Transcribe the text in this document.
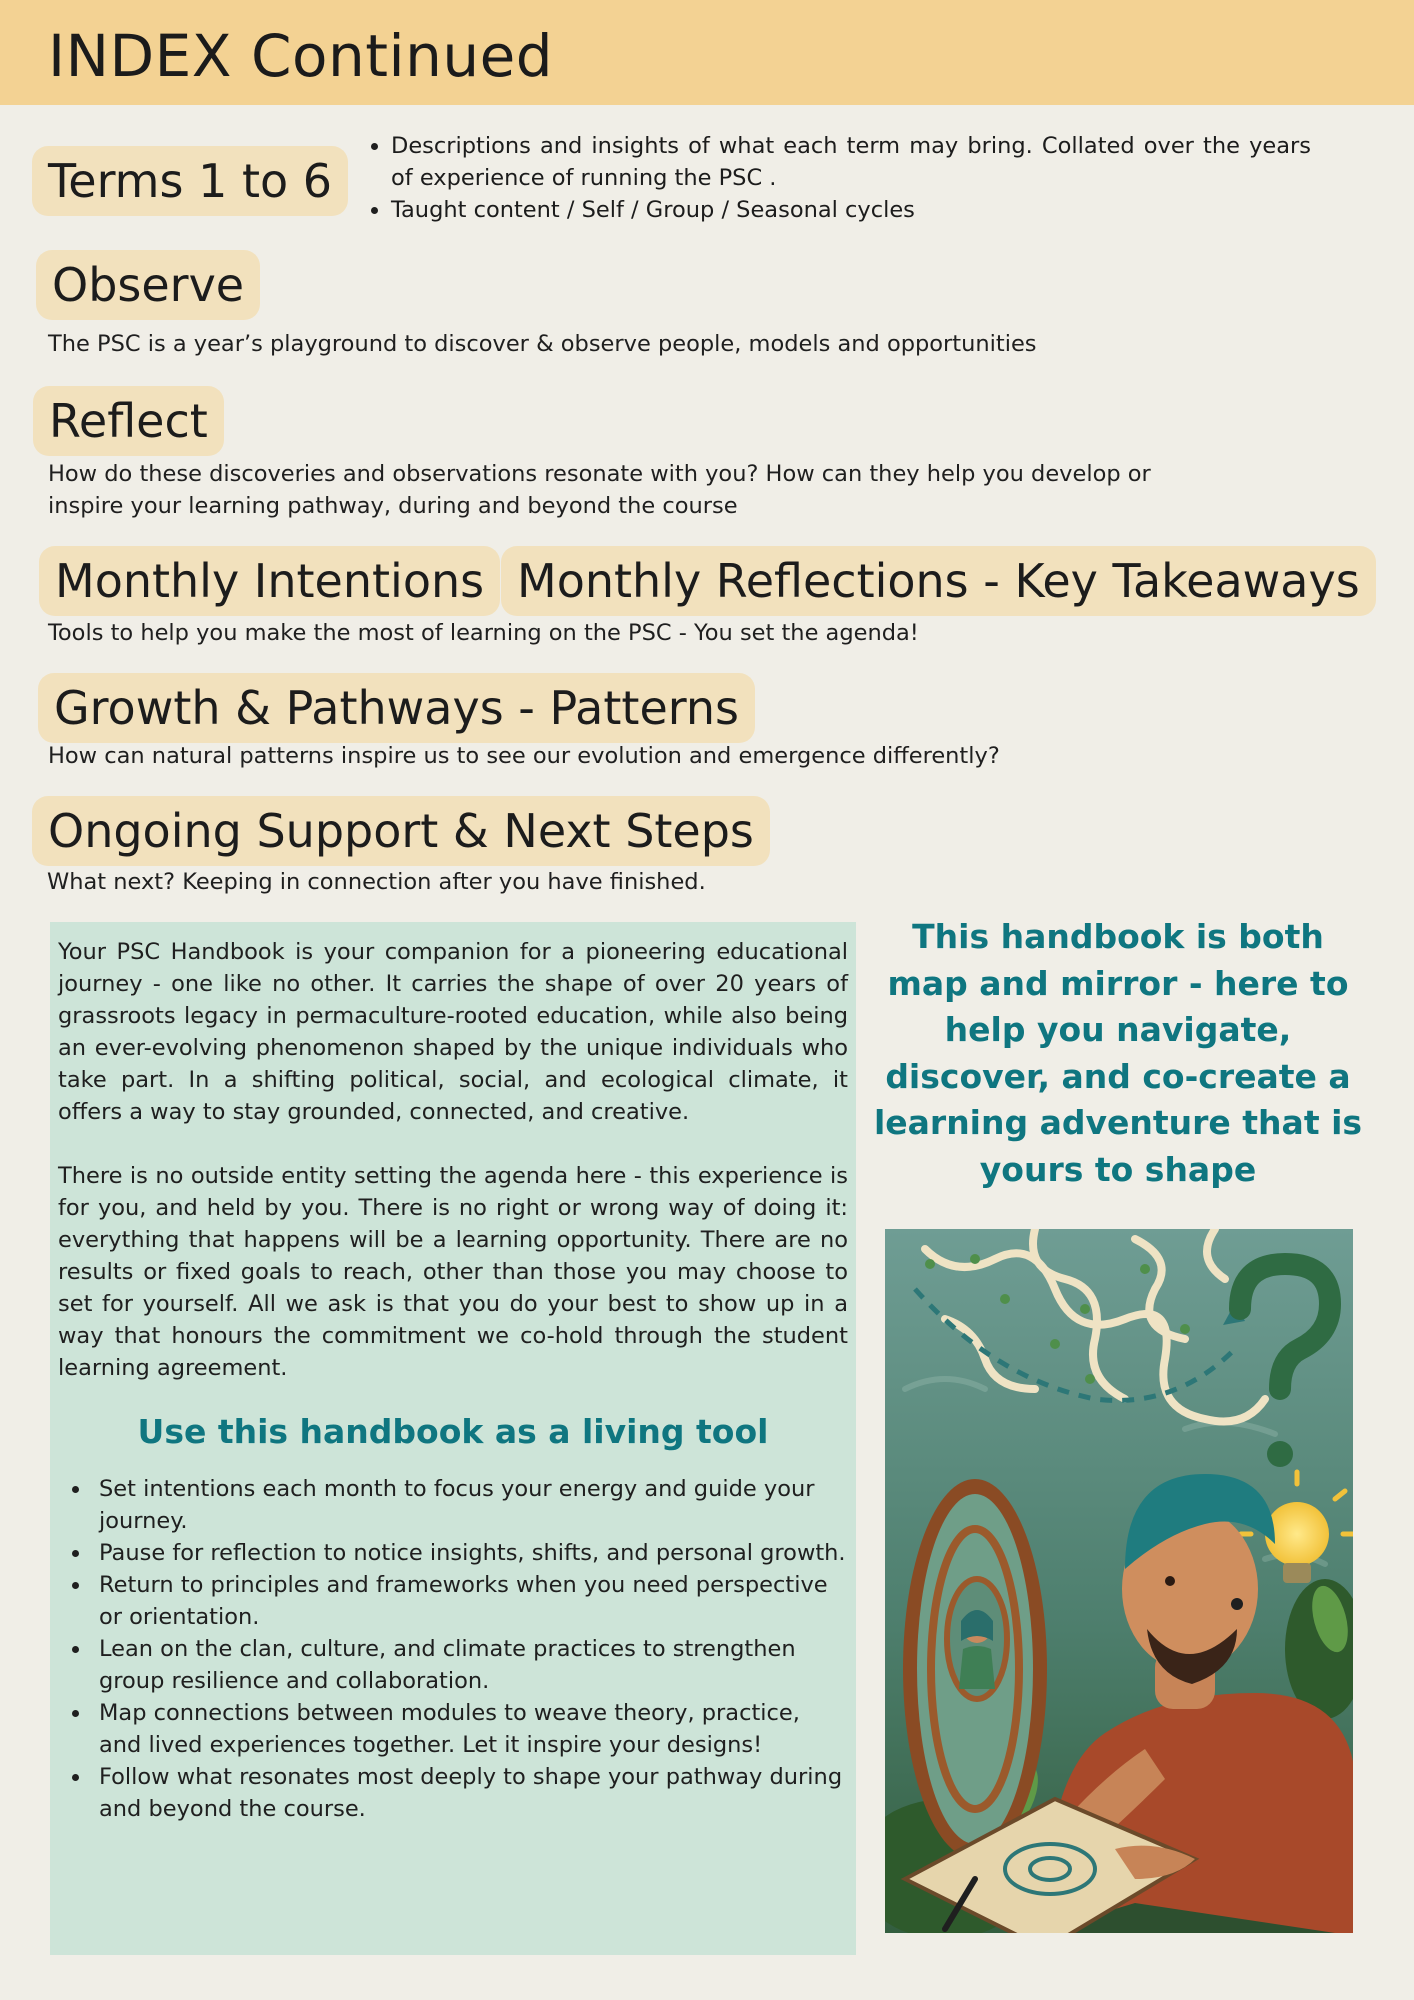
INDEX Continued
Terms 1 to 6
Descriptions and insights of what each term may bring. Collated over the years of experience of running the PSC .
Taught content / Self / Group / Seasonal cycles
Observe
The PSC is a year’s playground to discover & observe people, models and opportunities
Reflect
How do these discoveries and observations resonate with you? How can they help you develop or
inspire your learning pathway, during and beyond the course
Monthly Intentions Monthly Reflections - Key Takeaways
Tools to help you make the most of learning on the PSC - You set the agenda!
Growth & Pathways - Patterns
How can natural patterns inspire us to see our evolution and emergence differently?
Ongoing Support & Next Steps
What next? Keeping in connection after you have finished.

Your PSC Handbook is your companion for a pioneering educational journey - one like no other. It carries the shape of over 20 years of grassroots legacy in permaculture-rooted education, while also being an ever-evolving phenomenon shaped by the unique individuals who take part. In a shifting political, social, and ecological climate, it offers a way to stay grounded, connected, and creative.

There is no outside entity setting the agenda here - this experience is for you, and held by you. There is no right or wrong way of doing it: everything that happens will be a learning opportunity. There are no results or fixed goals to reach, other than those you may choose to set for yourself. All we ask is that you do your best to show up in a way that honours the commitment we co-hold through the student learning agreement.

Use this handbook as a living tool
Set intentions each month to focus your energy and guide your journey.
Pause for reflection to notice insights, shifts, and personal growth.
Return to principles and frameworks when you need perspective or orientation.
Lean on the clan, culture, and climate practices to strengthen group resilience and collaboration.
Map connections between modules to weave theory, practice, and lived experiences together. Let it inspire your designs!
Follow what resonates most deeply to shape your pathway during and beyond the course.
This handbook is both map and mirror - here to help you navigate, discover, and co-create a learning adventure that is yours to shape
